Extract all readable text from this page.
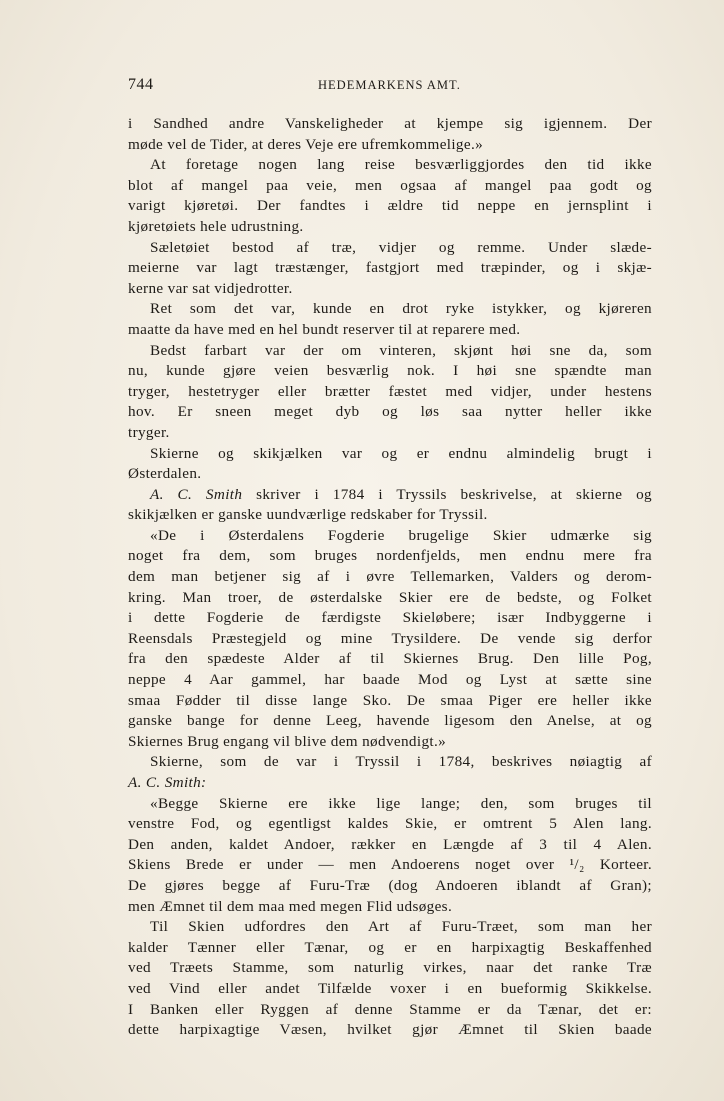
744	HEDEMARKENS AMT.
i Sandhed andre Vanskeligheder at kjempe sig igjennem. Der
møde vel de Tider, at deres Veje ere ufremkommelige.»
At foretage nogen lang reise besværliggjordes den tid ikke
blot af mangel paa veie, men ogsaa af mangel paa godt og
varigt kjøretøi. Der fandtes i ældre tid neppe en jernsplint i
kjøretøiets hele udrustning.
Sæletøiet bestod af træ, vidjer og remme. Under slæde-
meierne var lagt træstænger, fastgjort med træpinder, og i skjæ-
kerne var sat vidjedrotter.
Ret som det var, kunde en drot ryke istykker, og kjøreren
maatte da have med en hel bundt reserver til at reparere med.
Bedst farbart var der om vinteren, skjønt høi sne da, som
nu, kunde gjøre veien besværlig nok. I høi sne spændte man
tryger, hestetryger eller brætter fæstet med vidjer, under hestens
hov. Er sneen meget dyb og løs saa nytter heller ikke
tryger.
Skierne og skikjælken var og er endnu almindelig brugt i
Østerdalen.
A. C. Smith skriver i 1784 i Tryssils beskrivelse, at skierne og
skikjælken er ganske uundværlige redskaber for Tryssil.
«De i Østerdalens Fogderie brugelige Skier udmærke sig
noget fra dem, som bruges nordenfjelds, men endnu mere fra
dem man betjener sig af i øvre Tellemarken, Valders og derom-
kring. Man troer, de østerdalske Skier ere de bedste, og Folket
i dette Fogderie de færdigste Skieløbere; især Indbyggerne i
Reensdals Præstegjeld og mine Trysildere. De vende sig derfor
fra den spædeste Alder af til Skiernes Brug. Den lille Pog,
neppe 4 Aar gammel, har baade Mod og Lyst at sætte sine
smaa Fødder til disse lange Sko. De smaa Piger ere heller ikke
ganske bange for denne Leeg, havende ligesom den Anelse, at og
Skiernes Brug engang vil blive dem nødvendigt.»
Skierne, som de var i Tryssil i 1784, beskrives nøiagtig af
A. C. Smith:
«Begge Skierne ere ikke lige lange; den, som bruges til
venstre Fod, og egentligst kaldes Skie, er omtrent 5 Alen lang.
Den anden, kaldet Andoer, rækker en Længde af 3 til 4 Alen.
Skiens Brede er under — men Andoerens noget over ¹/₂ Korteer.
De gjøres begge af Furu-Træ (dog Andoeren iblandt af Gran);
men Æmnet til dem maa med megen Flid udsøges.
Til Skien udfordres den Art af Furu-Træet, som man her
kalder Tænner eller Tænar, og er en harpixagtig Beskaffenhed
ved Træets Stamme, som naturlig virkes, naar det ranke Træ
ved Vind eller andet Tilfælde voxer i en bueformig Skikkelse.
I Banken eller Ryggen af denne Stamme er da Tænar, det er:
dette harpixagtige Væsen, hvilket gjør Æmnet til Skien baade
